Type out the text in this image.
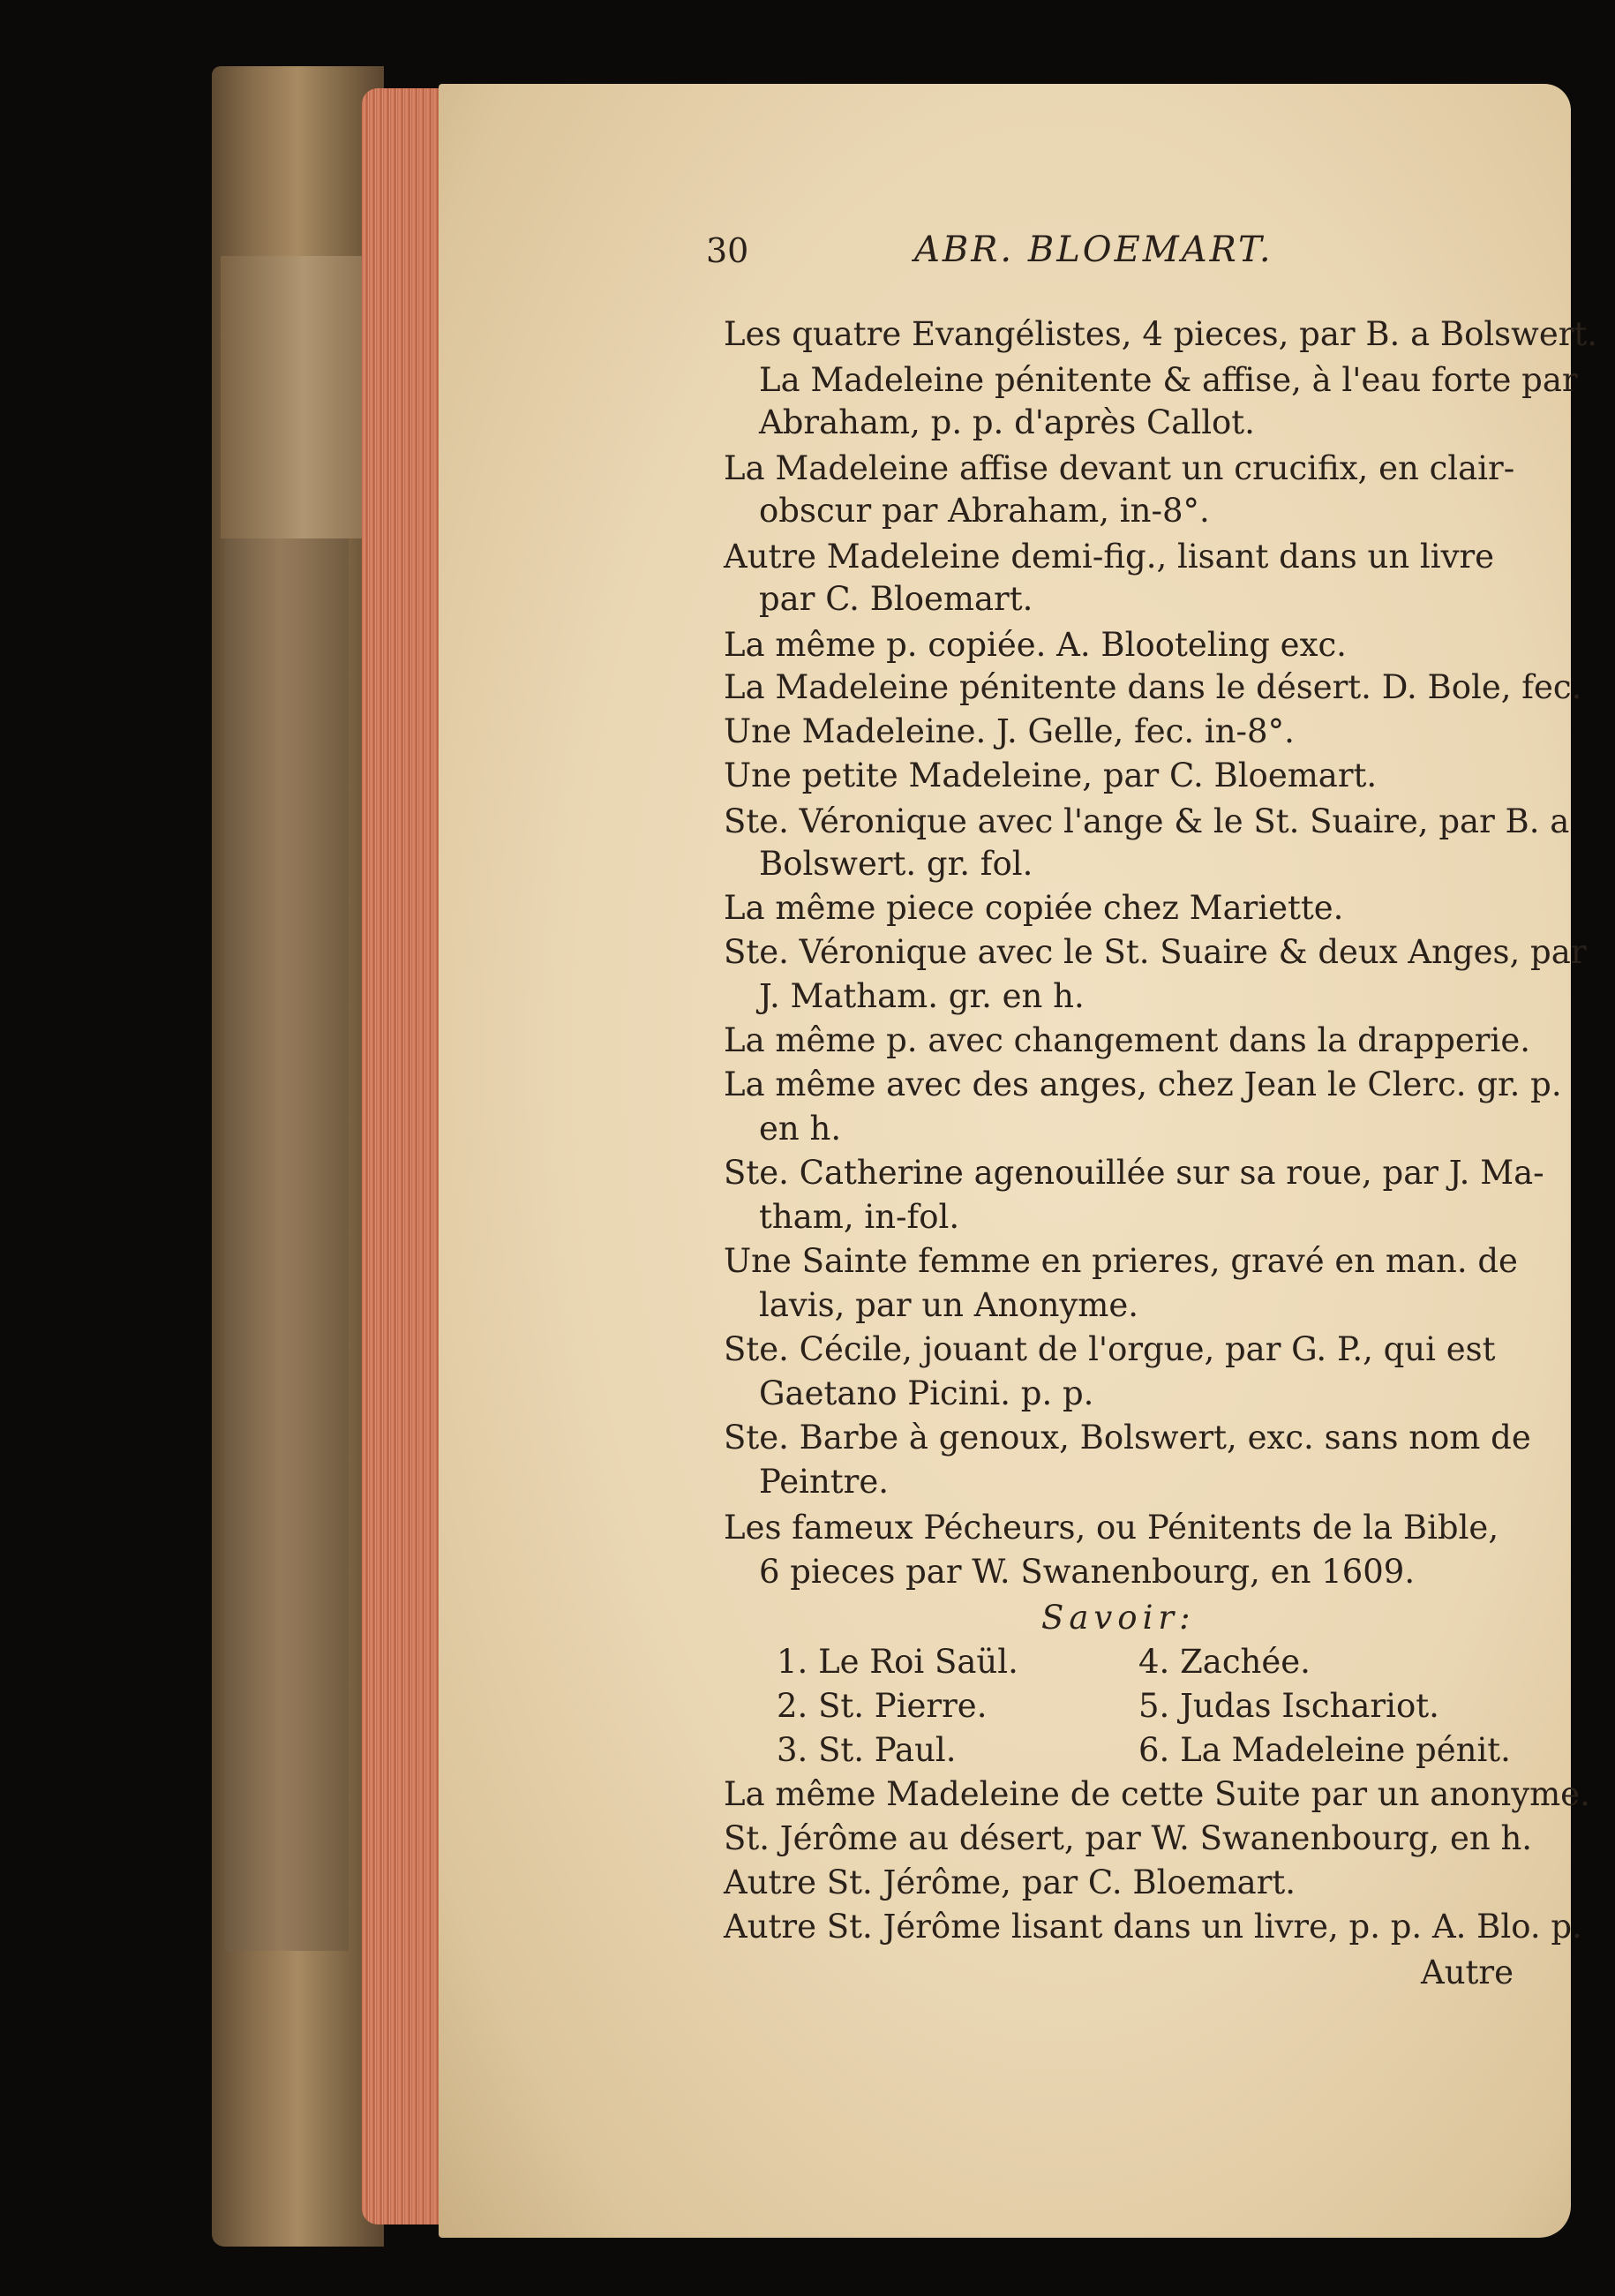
30	ABR. BLOEMART.
Les quatre Evangélistes, 4 pieces, par B. a Bolswert.
La Madeleine pénitente & affise, à l'eau forte par
Abraham, p. p. d'après Callot.
La Madeleine affise devant un crucifix, en clair-
obscur par Abraham, in-8°.
Autre Madeleine demi-fig., lisant dans un livre
par C. Bloemart.
La même p. copiée. A. Blooteling exc.
La Madeleine pénitente dans le désert. D. Bole, fec.
Une Madeleine. J. Gelle, fec. in-8°.
Une petite Madeleine, par C. Bloemart.
Ste. Véronique avec l'ange & le St. Suaire, par B. a
Bolswert. gr. fol.
La même piece copiée chez Mariette.
Ste. Véronique avec le St. Suaire & deux Anges, par
J. Matham. gr. en h.
La même p. avec changement dans la drapperie.
La même avec des anges, chez Jean le Clerc. gr. p.
en h.
Ste. Catherine agenouillée sur sa roue, par J. Ma-
tham, in-fol.
Une Sainte femme en prieres, gravé en man. de
lavis, par un Anonyme.
Ste. Cécile, jouant de l'orgue, par G. P., qui est
Gaetano Picini. p. p.
Ste. Barbe à genoux, Bolswert, exc. sans nom de
Peintre.
Les fameux Pécheurs, ou Pénitents de la Bible,
6 pieces par W. Swanenbourg, en 1609.
Savoir:
1. Le Roi Saül.	4. Zachée.
2. St. Pierre.	5. Judas Ischariot.
3. St. Paul.	6. La Madeleine pénit.
La même Madeleine de cette Suite par un anonyme.
St. Jérôme au désert, par W. Swanenbourg, en h.
Autre St. Jérôme, par C. Bloemart.
Autre St. Jérôme lisant dans un livre, p. p. A. Blo. p.
Autre
